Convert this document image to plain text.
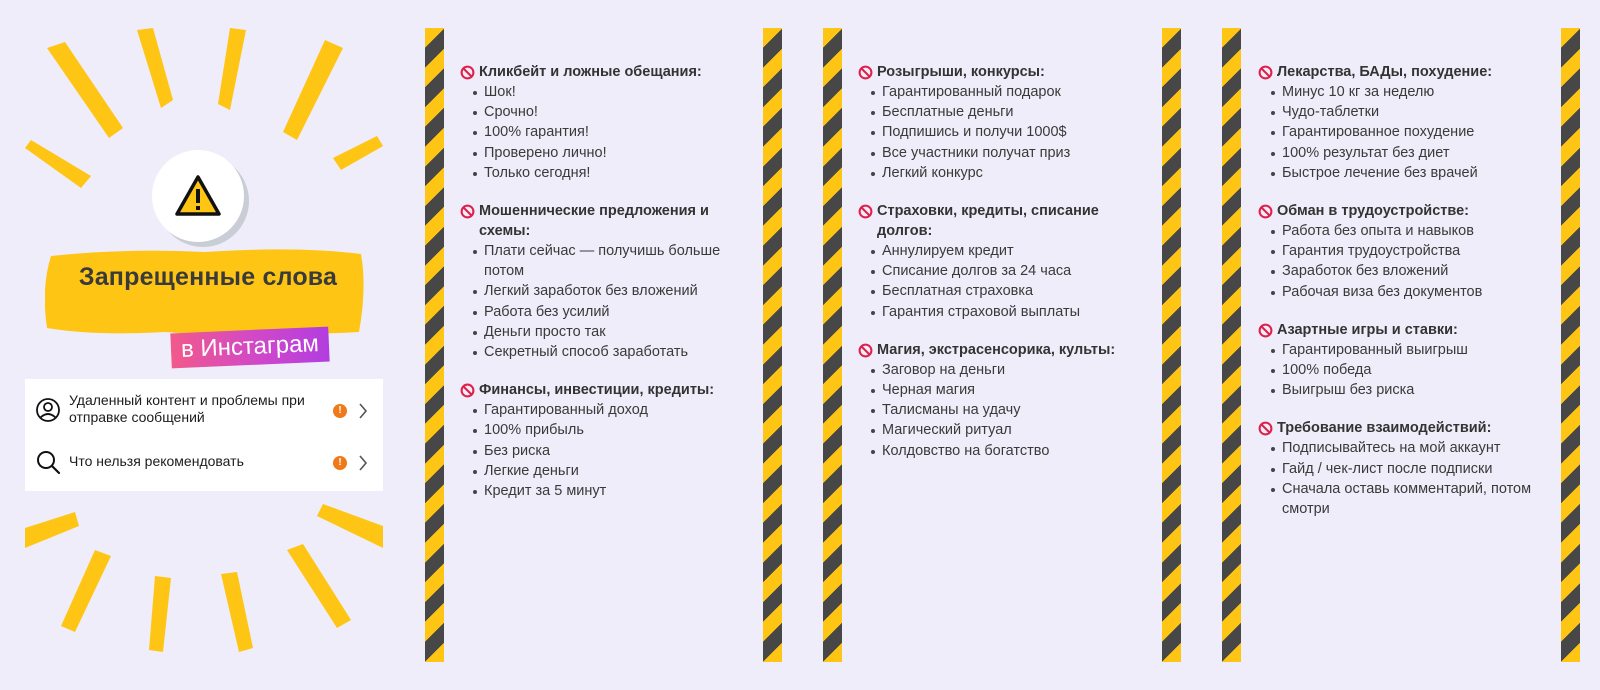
Запрещенные слова
в Инстаграм
Удаленный контент и проблемы при отправке сообщений	!
Что нельзя рекомендовать	!
Кликбейт и ложные обещания:
Шок!
Срочно!
100% гарантия!
Проверено лично!
Только сегодня!
Мошеннические предложения и схемы:
Плати сейчас — получишь больше потом
Легкий заработок без вложений
Работа без усилий
Деньги просто так
Секретный способ заработать
Финансы, инвестиции, кредиты:
Гарантированный доход
100% прибыль
Без риска
Легкие деньги
Кредит за 5 минут
Розыгрыши, конкурсы:
Гарантированный подарок
Бесплатные деньги
Подпишись и получи 1000$
Все участники получат приз
Легкий конкурс
Страховки, кредиты, списание долгов:
Аннулируем кредит
Списание долгов за 24 часа
Бесплатная страховка
Гарантия страховой выплаты
Магия, экстрасенсорика, культы:
Заговор на деньги
Черная магия
Талисманы на удачу
Магический ритуал
Колдовство на богатство
Лекарства, БАДы, похудение:
Минус 10 кг за неделю
Чудо-таблетки
Гарантированное похудение
100% результат без диет
Быстрое лечение без врачей
Обман в трудоустройстве:
Работа без опыта и навыков
Гарантия трудоустройства
Заработок без вложений
Рабочая виза без документов
Азартные игры и ставки:
Гарантированный выигрыш
100% победа
Выигрыш без риска
Требование взаимодействий:
Подписывайтесь на мой аккаунт
Гайд / чек-лист после подписки
Сначала оставь комментарий, потом смотри
